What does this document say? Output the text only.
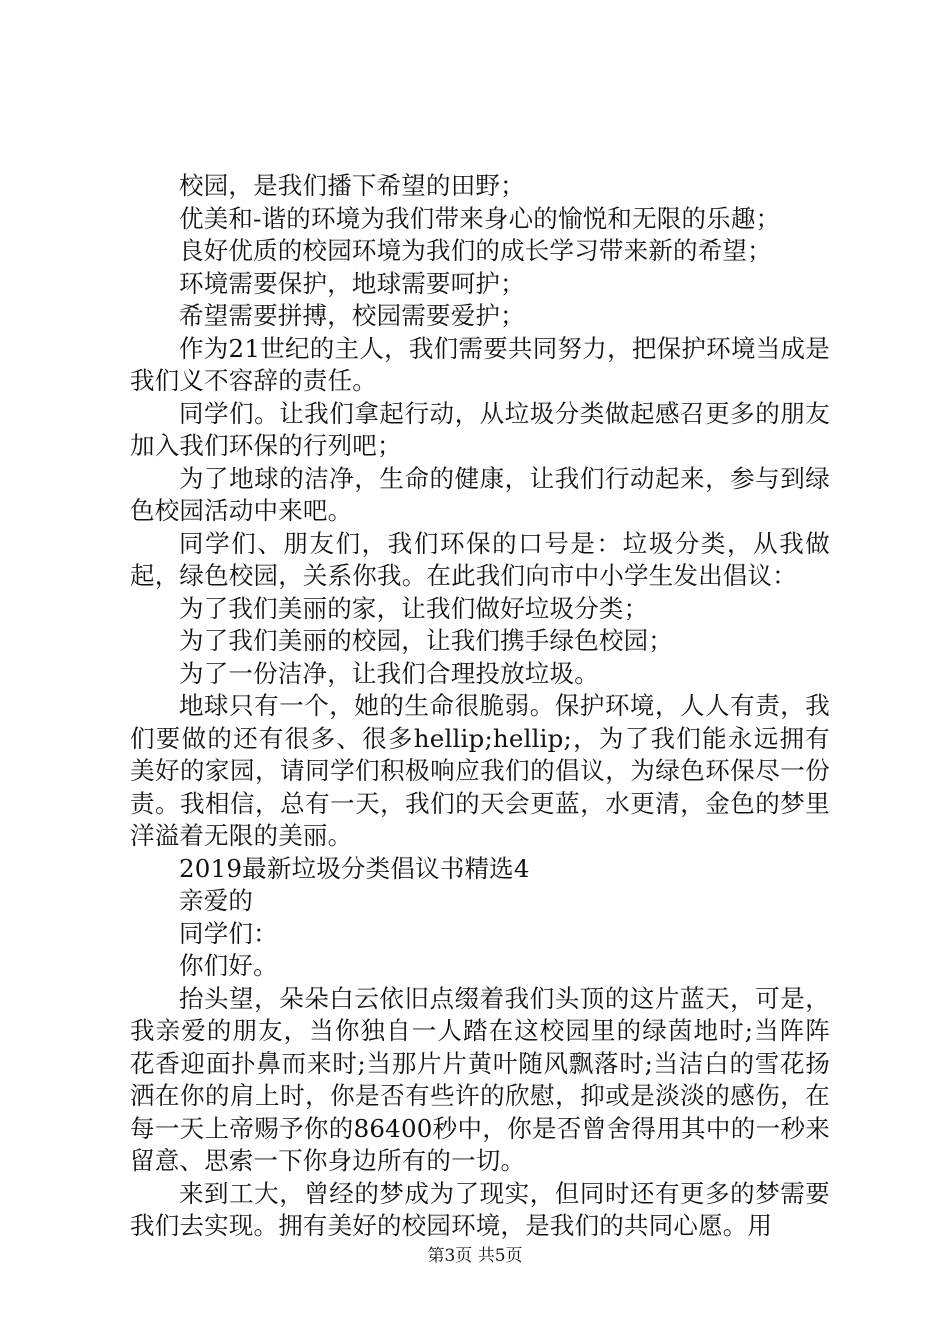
校园，是我们播下希望的田野；

优美和-谐的环境为我们带来身心的愉悦和无限的乐趣；

良好优质的校园环境为我们的成长学习带来新的希望；

环境需要保护，地球需要呵护；

希望需要拼搏，校园需要爱护；

作为21世纪的主人，我们需要共同努力，把保护环境当成是我们义不容辞的责任。

同学们。让我们拿起行动，从垃圾分类做起感召更多的朋友加入我们环保的行列吧；

为了地球的洁净，生命的健康，让我们行动起来，参与到绿色校园活动中来吧。

同学们、朋友们，我们环保的口号是：垃圾分类，从我做起，绿色校园，关系你我。在此我们向市中小学生发出倡议：

为了我们美丽的家，让我们做好垃圾分类；

为了我们美丽的校园，让我们携手绿色校园；

为了一份洁净，让我们合理投放垃圾。

地球只有一个，她的生命很脆弱。保护环境，人人有责，我们要做的还有很多、很多hellip;hellip;，为了我们能永远拥有美好的家园，请同学们积极响应我们的倡议，为绿色环保尽一份责。我相信，总有一天，我们的天会更蓝，水更清，金色的梦里洋溢着无限的美丽。

2019最新垃圾分类倡议书精选4

亲爱的

同学们：

你们好。

抬头望，朵朵白云依旧点缀着我们头顶的这片蓝天，可是，我亲爱的朋友，当你独自一人踏在这校园里的绿茵地时;当阵阵花香迎面扑鼻而来时;当那片片黄叶随风飘落时;当洁白的雪花扬洒在你的肩上时，你是否有些许的欣慰，抑或是淡淡的感伤，在每一天上帝赐予你的86400秒中，你是否曾舍得用其中的一秒来留意、思索一下你身边所有的一切。

来到工大，曾经的梦成为了现实，但同时还有更多的梦需要我们去实现。拥有美好的校园环境，是我们的共同心愿。用

第3页 共5页
